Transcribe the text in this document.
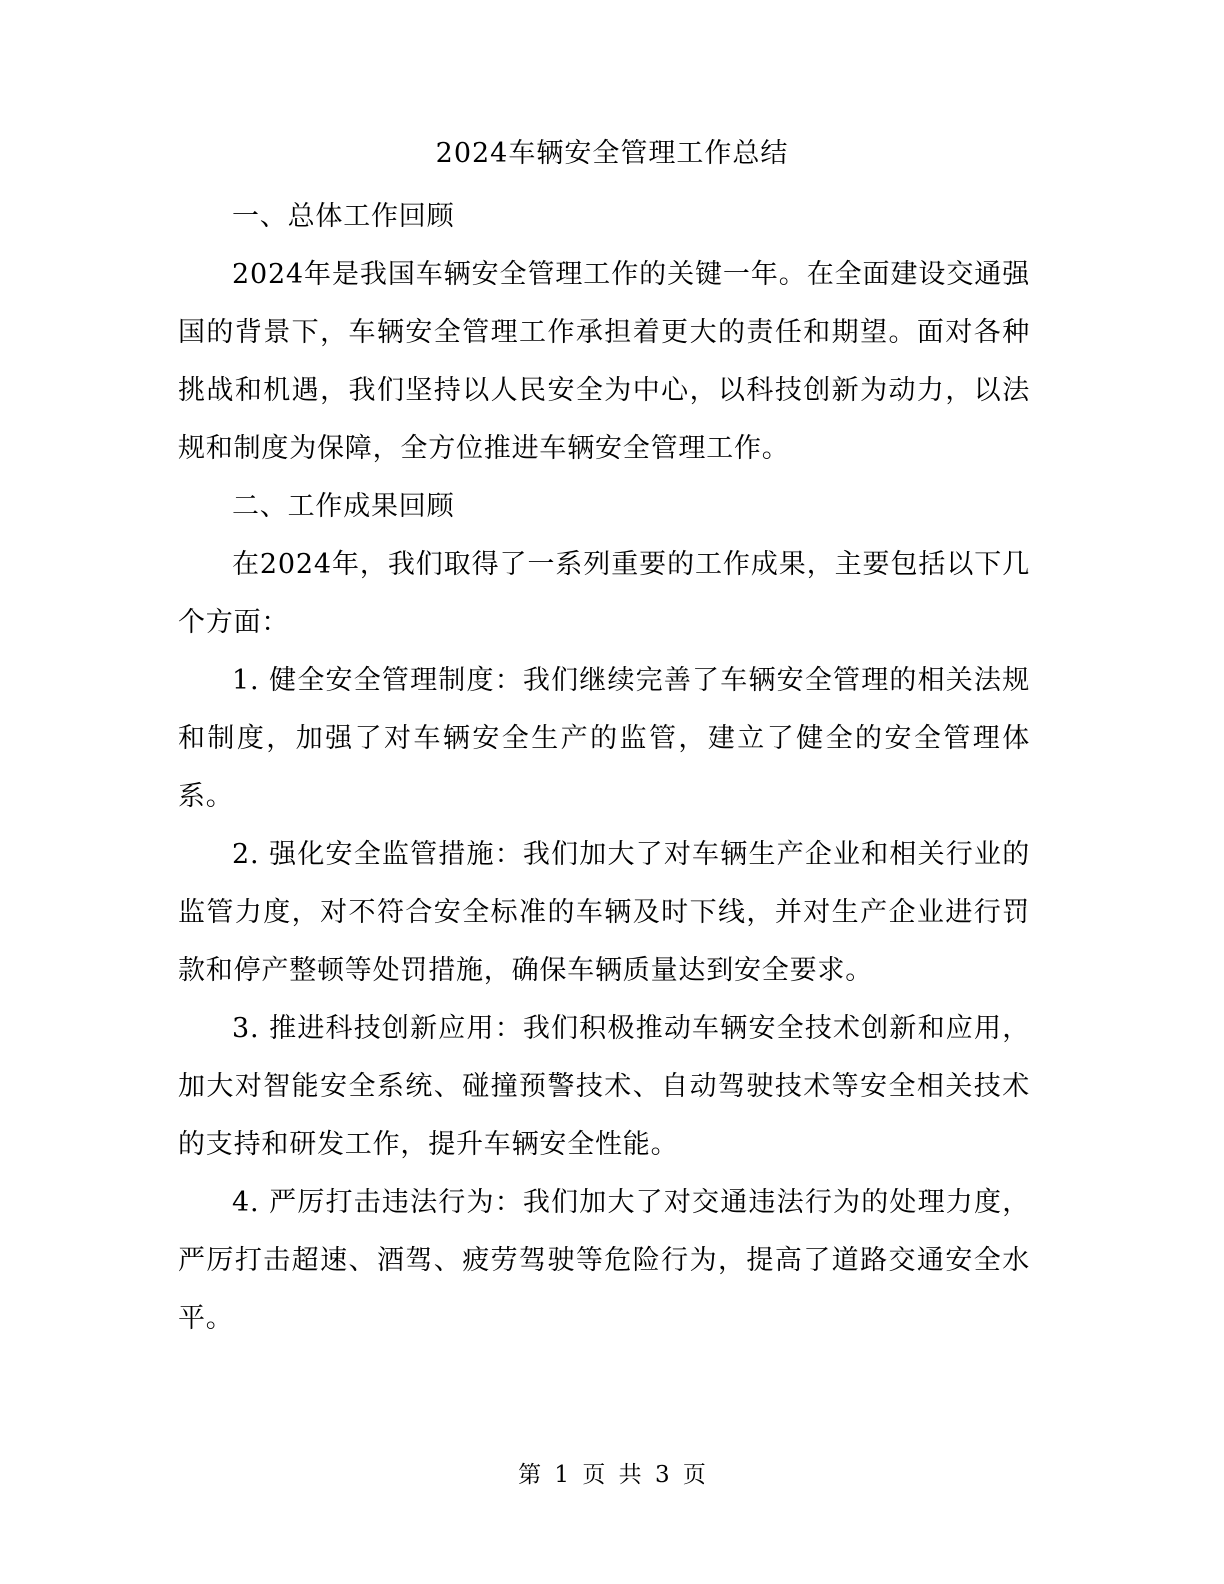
2024车辆安全管理工作总结

一、总体工作回顾

2024年是我国车辆安全管理工作的关键一年。在全面建设交通强国的背景下，车辆安全管理工作承担着更大的责任和期望。面对各种挑战和机遇，我们坚持以人民安全为中心，以科技创新为动力，以法规和制度为保障，全方位推进车辆安全管理工作。

二、工作成果回顾

在2024年，我们取得了一系列重要的工作成果，主要包括以下几个方面：

1. 健全安全管理制度：我们继续完善了车辆安全管理的相关法规和制度，加强了对车辆安全生产的监管，建立了健全的安全管理体系。

2. 强化安全监管措施：我们加大了对车辆生产企业和相关行业的监管力度，对不符合安全标准的车辆及时下线，并对生产企业进行罚款和停产整顿等处罚措施，确保车辆质量达到安全要求。

3. 推进科技创新应用：我们积极推动车辆安全技术创新和应用，加大对智能安全系统、碰撞预警技术、自动驾驶技术等安全相关技术的支持和研发工作，提升车辆安全性能。

4. 严厉打击违法行为：我们加大了对交通违法行为的处理力度，严厉打击超速、酒驾、疲劳驾驶等危险行为，提高了道路交通安全水平。

第 1 页 共 3 页
